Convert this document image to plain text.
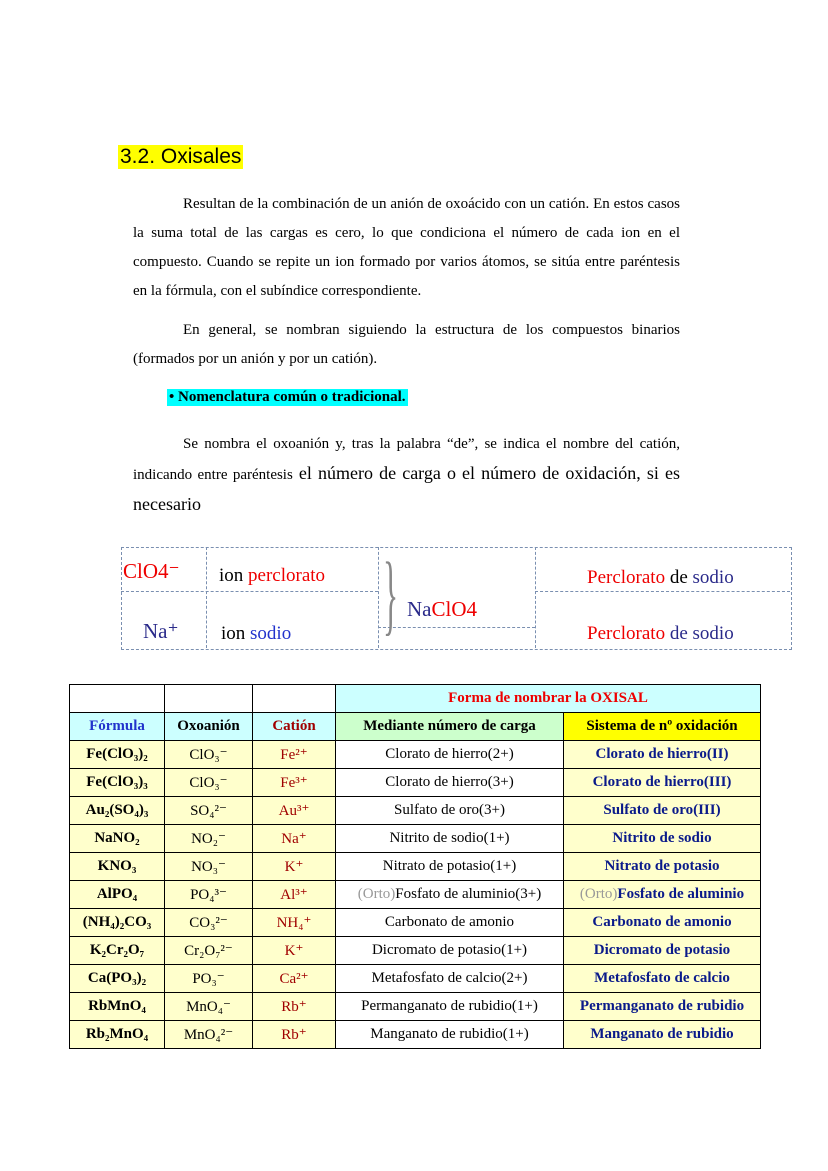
3.2. Oxisales
Resultan de la combinación de un anión de oxoácido con un catión. En estos casos la suma total de las cargas es cero, lo que condiciona el número de cada ion en el compuesto. Cuando se repite un ion formado por varios átomos, se sitúa entre paréntesis en la fórmula, con el subíndice correspondiente.
En general, se nombran siguiendo la estructura de los compuestos binarios (formados por un anión y por un catión).
• Nomenclatura común o tradicional.
Se nombra el oxoanión y, tras la palabra “de”, se indica el nombre del catión, indicando entre paréntesis el número de carga o el número de oxidación, si es necesario
}
ClO4⁻ ion perclorato
Na⁺ ion sodio
NaClO4
Perclorato de sodio
Perclorato de sodio
			Forma de nombrar la OXISAL	
Fórmula	Oxoanión	Catión	Mediante número de carga	Sistema de nº oxidación
Fe(ClO₃)₂	ClO₃⁻	Fe²⁺	Clorato de hierro(2+)	Clorato de hierro(II)
Fe(ClO₃)₃	ClO₃⁻	Fe³⁺	Clorato de hierro(3+)	Clorato de hierro(III)
Au₂(SO₄)₃	SO₄²⁻	Au³⁺	Sulfato de oro(3+)	Sulfato de oro(III)
NaNO₂	NO₂⁻	Na⁺	Nitrito de sodio(1+)	Nitrito de sodio
KNO₃	NO₃⁻	K⁺	Nitrato de potasio(1+)	Nitrato de potasio
AlPO₄	PO₄³⁻	Al³⁺	(Orto)Fosfato de aluminio(3+)	(Orto)Fosfato de aluminio
(NH₄)₂CO₃	CO₃²⁻	NH₄⁺	Carbonato de amonio	Carbonato de amonio
K₂Cr₂O₇	Cr₂O₇²⁻	K⁺	Dicromato de potasio(1+)	Dicromato de potasio
Ca(PO₃)₂	PO₃⁻	Ca²⁺	Metafosfato de calcio(2+)	Metafosfato de calcio
RbMnO₄	MnO₄⁻	Rb⁺	Permanganato de rubidio(1+)	Permanganato de rubidio
Rb₂MnO₄	MnO₄²⁻	Rb⁺	Manganato de rubidio(1+)	Manganato de rubidio
